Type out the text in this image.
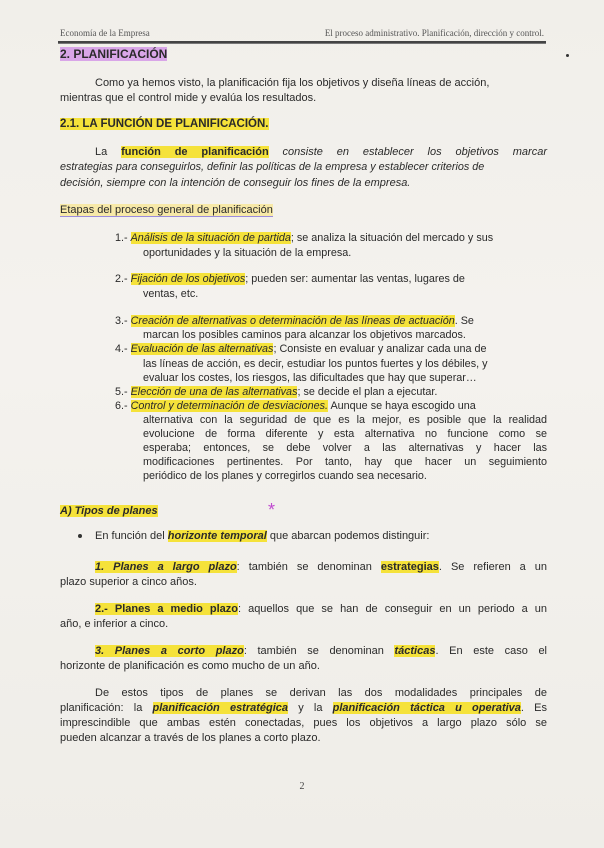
Economía de la Empresa	El proceso administrativo. Planificación, dirección y control.
2. PLANIFICACIÓN
Como ya hemos visto, la planificación fija los objetivos y diseña líneas de acción,
mientras que el control mide y evalúa los resultados.
2.1. LA FUNCIÓN DE PLANIFICACIÓN.
La función de planificación consiste en establecer los objetivos marcar
estrategias para conseguirlos, definir las políticas de la empresa y establecer criterios de
decisión, siempre con la intención de conseguir los fines de la empresa.
Etapas del proceso general de planificación
1.- Análisis de la situación de partida; se analiza la situación del mercado y sus
oportunidades y la situación de la empresa.
2.- Fijación de los objetivos; pueden ser: aumentar las ventas, lugares de
ventas, etc.
3.- Creación de alternativas o determinación de las líneas de actuación. Se
marcan los posibles caminos para alcanzar los objetivos marcados.
4.- Evaluación de las alternativas; Consiste en evaluar y analizar cada una de
las líneas de acción, es decir, estudiar los puntos fuertes y los débiles, y
evaluar los costes, los riesgos, las dificultades que hay que superar…
5.- Elección de una de las alternativas; se decide el plan a ejecutar.
6.- Control y determinación de desviaciones. Aunque se haya escogido una
alternativa con la seguridad de que es la mejor, es posible que la realidad
evolucione de forma diferente y esta alternativa no funcione como se
esperaba; entonces, se debe volver a las alternativas y hacer las
modificaciones pertinentes. Por tanto, hay que hacer un seguimiento
periódico de los planes y corregirlos cuando sea necesario.
A) Tipos de planes	*
En función del horizonte temporal que abarcan podemos distinguir:
1. Planes a largo plazo: también se denominan estrategias. Se refieren a un
plazo superior a cinco años.
2.- Planes a medio plazo: aquellos que se han de conseguir en un periodo a un
año, e inferior a cinco.
3. Planes a corto plazo: también se denominan tácticas. En este caso el
horizonte de planificación es como mucho de un año.
De estos tipos de planes se derivan las dos modalidades principales de
planificación: la planificación estratégica y la planificación táctica u operativa. Es
imprescindible que ambas estén conectadas, pues los objetivos a largo plazo sólo se
pueden alcanzar a través de los planes a corto plazo.
2
